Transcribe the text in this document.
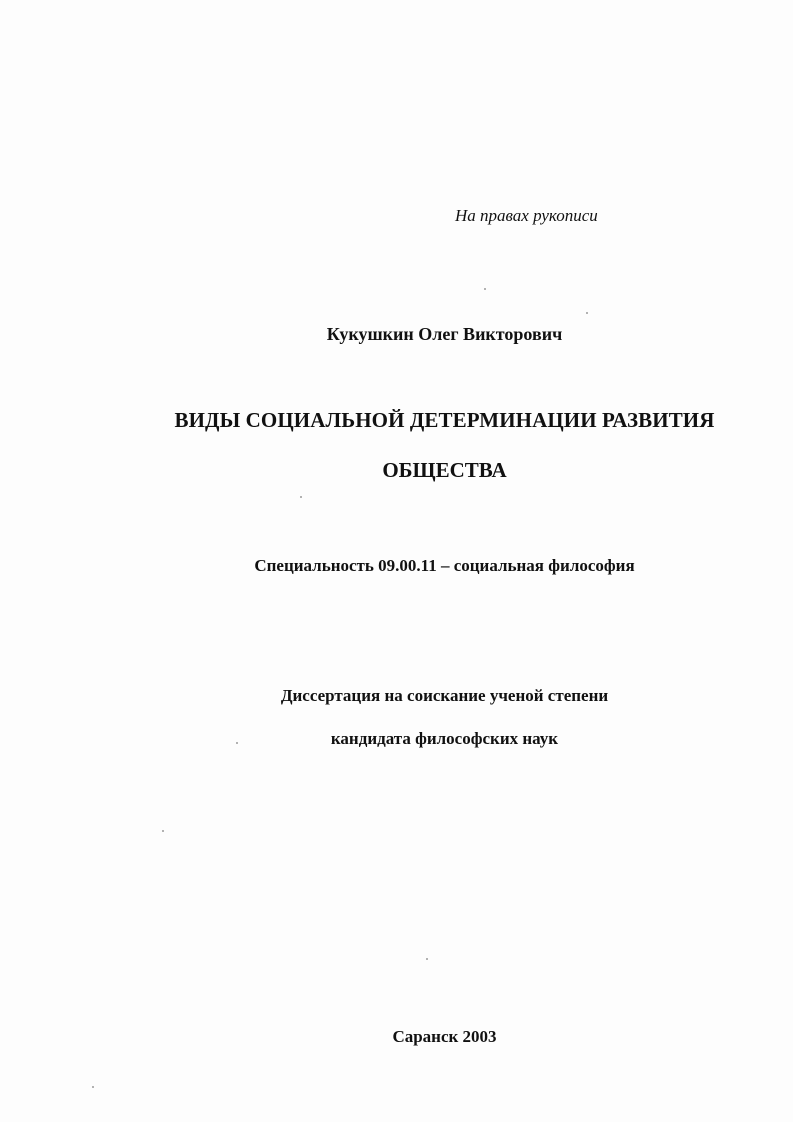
На правах рукописи
Кукушкин Олег Викторович
ВИДЫ СОЦИАЛЬНОЙ ДЕТЕРМИНАЦИИ РАЗВИТИЯ
ОБЩЕСТВА
Специальность 09.00.11 – социальная философия
Диссертация на соискание ученой степени
кандидата философских наук
Саранск 2003
